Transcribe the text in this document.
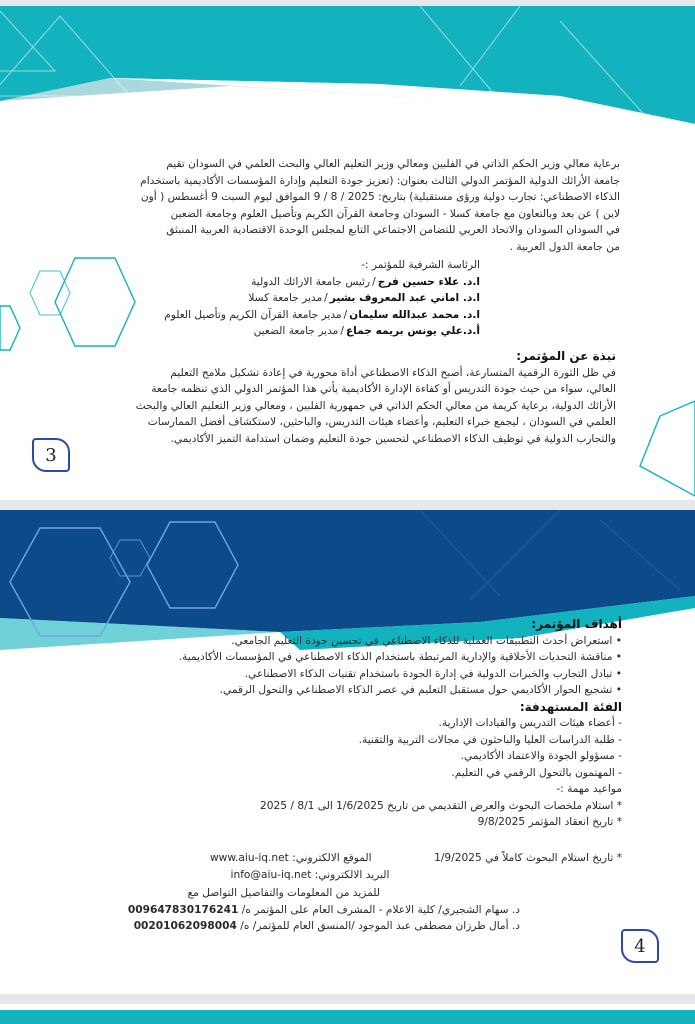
برعاية معالي وزير الحكم الذاتي في الفلبين ومعالي وزير التعليم العالي والبحث العلمي في السودان تقيم

جامعة الأرائك الدولية المؤتمر الدولي الثالث بعنوان: (تعزيز جودة التعليم وإدارة المؤسسات الأكاديمية باستخدام

الذكاء الاصطناعي: تجارب دولية ورؤى مستقبلية) بتاريخ: 2025 / 8 / 9 الموافق ليوم السبت 9 أغسطس ( أون

لاين ) عن بعد وبالتعاون مع جامعة كسلا - السودان وجامعة القرآن الكريم وتأصيل العلوم وجامعة الضعين

في السودان السودان والاتحاد العربي للتضامن الاجتماعي التابع لمجلس الوحدة الاقتصادية العربية المنبثق

من جامعة الدول العربية .

الرئاسة الشرفية للمؤتمر :-

ا.د. علاء حسين فرج/رئيس جامعة الارائك الدولية

ا.د. اماني عبد المعروف بشير/مدير جامعة كسلا

ا.د. محمد عبدالله سليمان/مدير جامعة القرآن الكريم وتأصيل العلوم

أ.د.علي يونس بريمه جماع/مدير جامعة الضعين

نبذة عن المؤتمر:

في ظل الثورة الرقمية المتسارعة، أصبح الذكاء الاصطناعي أداة محورية في إعادة تشكيل ملامح التعليم

العالي، سواء من حيث جودة التدريس أو كفاءة الإدارة الأكاديمية يأتي هذا المؤتمر الدولي الذي تنظمه جامعة

الأرائك الدولية، برعاية كريمة من معالي الحكم الذاتي في جمهورية الفلبين ، ومعالي وزير التعليم العالي والبحث

العلمي في السودان ، ليجمع خبراء التعليم، وأعضاء هيئات التدريس، والباحثين، لاستكشاف أفضل الممارسات

والتجارب الدولية في توظيف الذكاء الاصطناعي لتحسين جودة التعليم وضمان استدامة التميز الأكاديمي.

3

أهداف المؤتمر:

• استعراض أحدث التطبيقات العملية للذكاء الاصطناعي في تحسين جودة التعليم الجامعي.

• مناقشة التحديات الأخلاقية والإدارية المرتبطة باستخدام الذكاء الاصطناعي في المؤسسات الأكاديمية.

• تبادل التجارب والخبرات الدولية في إدارة الجودة باستخدام تقنيات الذكاء الاصطناعي.

• تشجيع الحوار الأكاديمي حول مستقبل التعليم في عصر الذكاء الاصطناعي والتحول الرقمي.

الفئة المستهدفة:

- أعضاء هيئات التدريس والقيادات الإدارية.

- طلبة الدراسات العليا والباحثون في مجالات التربية والتقنية.

- مسؤولو الجودة والاعتماد الأكاديمي.

- المهتمون بالتحول الرقمي في التعليم.

مواعيد مهمة :-

* استلام ملخصات البحوث والعرض التقديمي من تاريخ 1/6/2025 الى 8/1 / 2025

* تاريخ انعقاد المؤتمر 9/8/2025

* تاريخ استلام البحوث كاملاً في 1/9/2025
الموقع الالكتروني: www.aiu-iq.net

البريد الالكتروني: info@aiu-iq.net

للمزيد من المعلومات والتفاصيل التواصل مع

د. سهام الشجيري/ كلية الاعلام - المشرف العام على المؤتمر ه/ 009647830176241

د. أمال طرزان مصطفى عبد الموجود /المنسق العام للمؤتمر/ ه/ 00201062098004

4
